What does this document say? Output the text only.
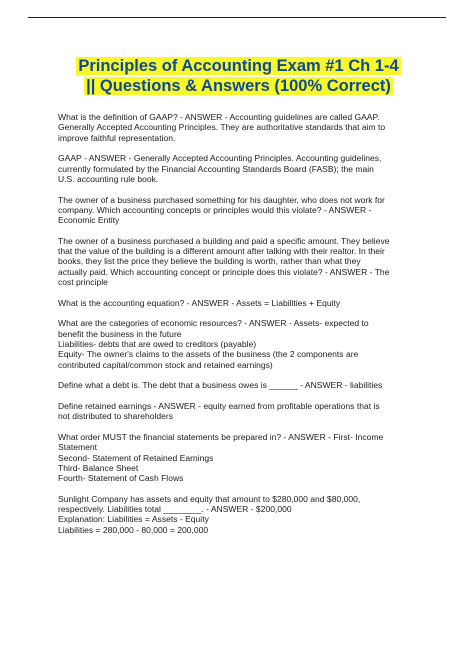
Principles of Accounting Exam #1 Ch 1-4
|| Questions & Answers (100% Correct)
What is the definition of GAAP? - ANSWER - Accounting guidelines are called GAAP.
Generally Accepted Accounting Principles. They are authoritative standards that aim to
improve faithful representation.
GAAP - ANSWER - Generally Accepted Accounting Principles. Accounting guidelines,
currently formulated by the Financial Accounting Standards Board (FASB); the main
U.S. accounting rule book.
The owner of a business purchased something for his daughter, who does not work for
company. Which accounting concepts or principles would this violate? - ANSWER -
Economic Entity
The owner of a business purchased a building and paid a specific amount. They believe
that the value of the building is a different amount after talking with their realtor. In their
books, they list the price they believe the building is worth, rather than what they
actually paid. Which accounting concept or principle does this violate? - ANSWER - The
cost principle
What is the accounting equation? - ANSWER - Assets = Liabilities + Equity
What are the categories of economic resources? - ANSWER - Assets- expected to
benefit the business in the future
Liabilities- debts that are owed to creditors (payable)
Equity- The owner's claims to the assets of the business (the 2 components are
contributed capital/common stock and retained earnings)
Define what a debt is. The debt that a business owes is ______ - ANSWER - liabilities
Define retained earnings - ANSWER - equity earned from profitable operations that is
not distributed to shareholders
What order MUST the financial statements be prepared in? - ANSWER - First- Income
Statement
Second- Statement of Retained Earnings
Third- Balance Sheet
Fourth- Statement of Cash Flows
Sunlight Company has assets and equity that amount to $280,000 and $80,000,
respectively. Liabilities total ________. - ANSWER - $200,000
Explanation: Liabilities = Assets - Equity
Liabilities = 280,000 - 80,000 = 200,000
